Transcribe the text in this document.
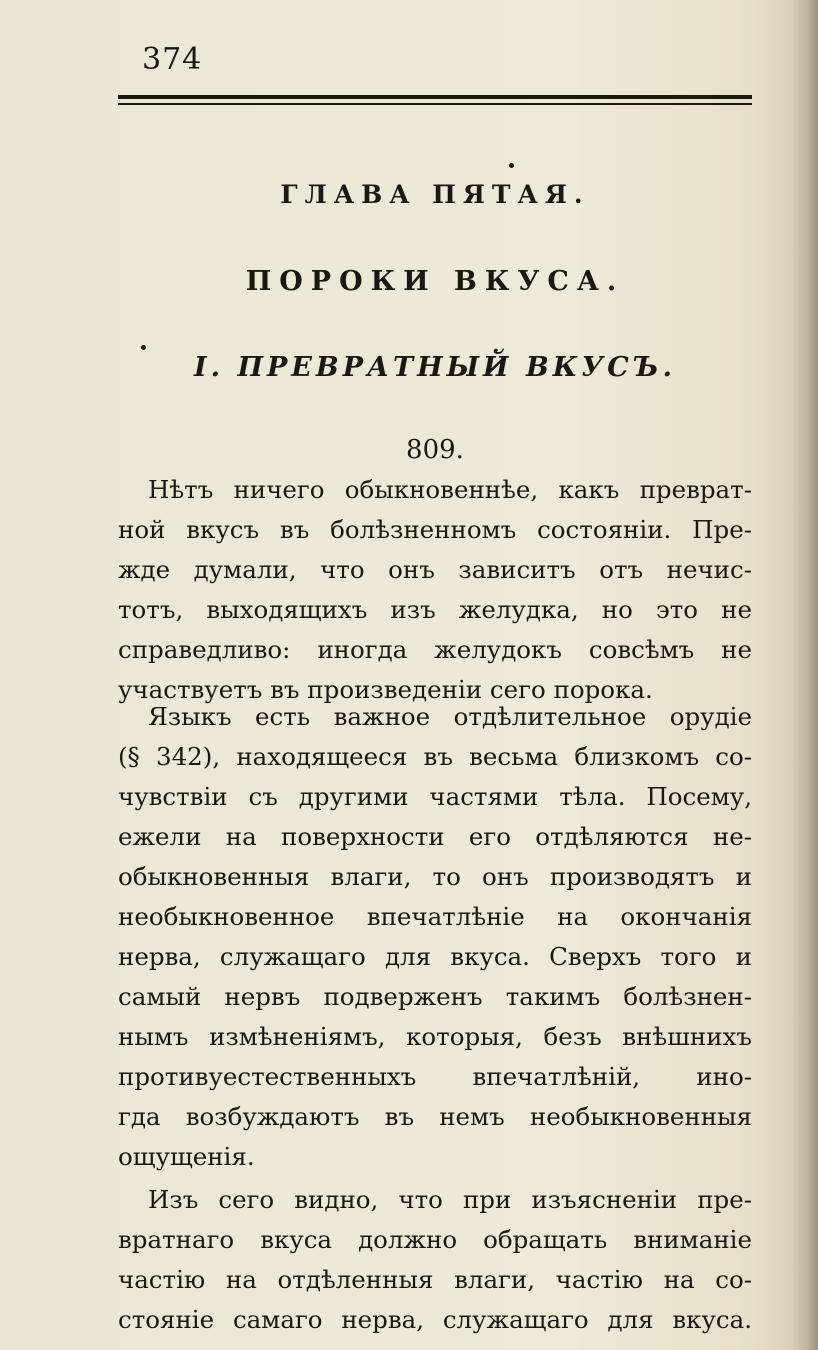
374
ГЛАВА ПЯТАЯ.
ПОРОКИ ВКУСА.
I. ПРЕВРАТНЫЙ ВКУСЪ.
809.
Нѣтъ ничего обыкновеннѣе, какъ преврат-
ной вкусъ въ болѣзненномъ состоянiи. Пре-
жде думали, что онъ зависитъ отъ нечис-
тотъ, выходящихъ изъ желудка, но это не
справедливо: иногда желудокъ совсѣмъ не
участвуетъ въ произведенiи сего порока.
Языкъ есть важное отдѣлительное орудiе
(§ 342), находящееся въ весьма близкомъ со-
чувствiи съ другими частями тѣла. Посему,
ежели на поверхности его отдѣляются не-
обыкновенныя влаги, то онъ производятъ и
необыкновенное впечатлѣнiе на окончанiя
нерва, служащаго для вкуса. Сверхъ того и
самый нервъ подверженъ такимъ болѣзнен-
нымъ измѣненiямъ, которыя, безъ внѣшнихъ
противуестественныхъ впечатлѣнiй, ино-
гда возбуждаютъ въ немъ необыкновенныя
ощущенiя.
Изъ сего видно, что при изъясненiи пре-
вратнаго вкуса должно обращать вниманiе
частiю на отдѣленныя влаги, частiю на со-
стоянiе самаго нерва, служащаго для вкуса.
